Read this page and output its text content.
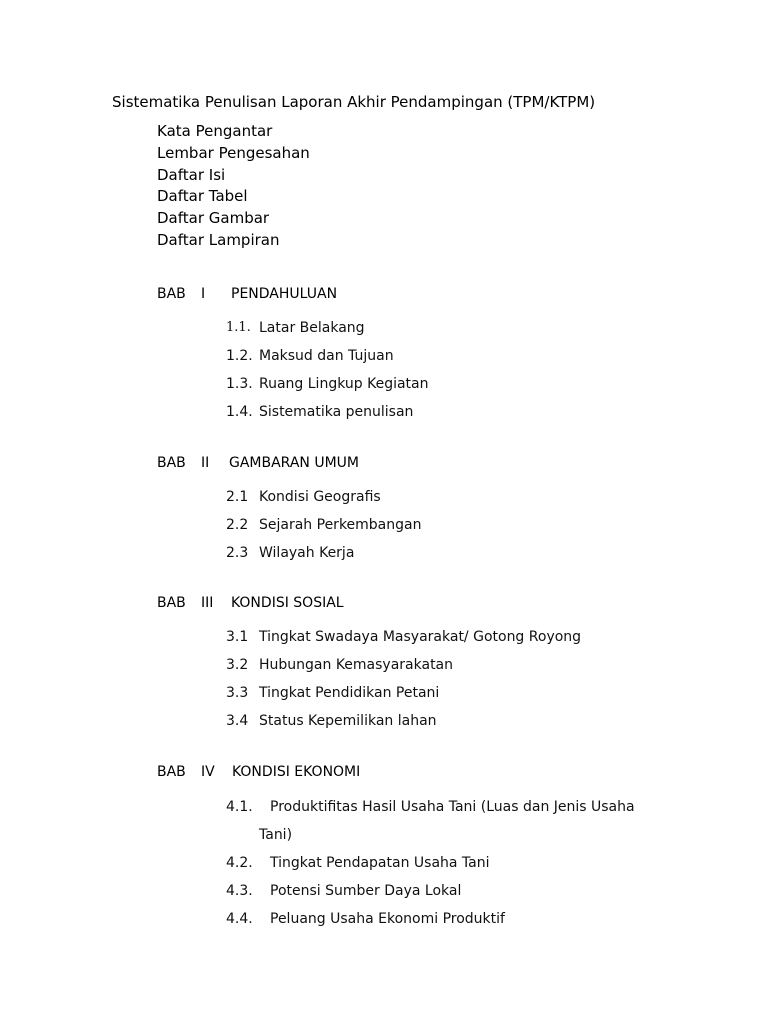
Sistematika Penulisan Laporan Akhir Pendampingan (TPM/KTPM)
Kata Pengantar
Lembar Pengesahan
Daftar Isi
Daftar Tabel
Daftar Gambar
Daftar Lampiran
BAB I PENDAHULUAN
1.1. Latar Belakang
1.2. Maksud dan Tujuan
1.3. Ruang Lingkup Kegiatan
1.4. Sistematika penulisan
BAB II GAMBARAN UMUM
2.1 Kondisi Geografis
2.2 Sejarah Perkembangan
2.3 Wilayah Kerja
BAB III KONDISI SOSIAL
3.1 Tingkat Swadaya Masyarakat/ Gotong Royong
3.2 Hubungan Kemasyarakatan
3.3 Tingkat Pendidikan Petani
3.4 Status Kepemilikan lahan
BAB IV KONDISI EKONOMI
4.1. Produktifitas Hasil Usaha Tani (Luas dan Jenis Usaha
Tani)
4.2. Tingkat Pendapatan Usaha Tani
4.3. Potensi Sumber Daya Lokal
4.4. Peluang Usaha Ekonomi Produktif
